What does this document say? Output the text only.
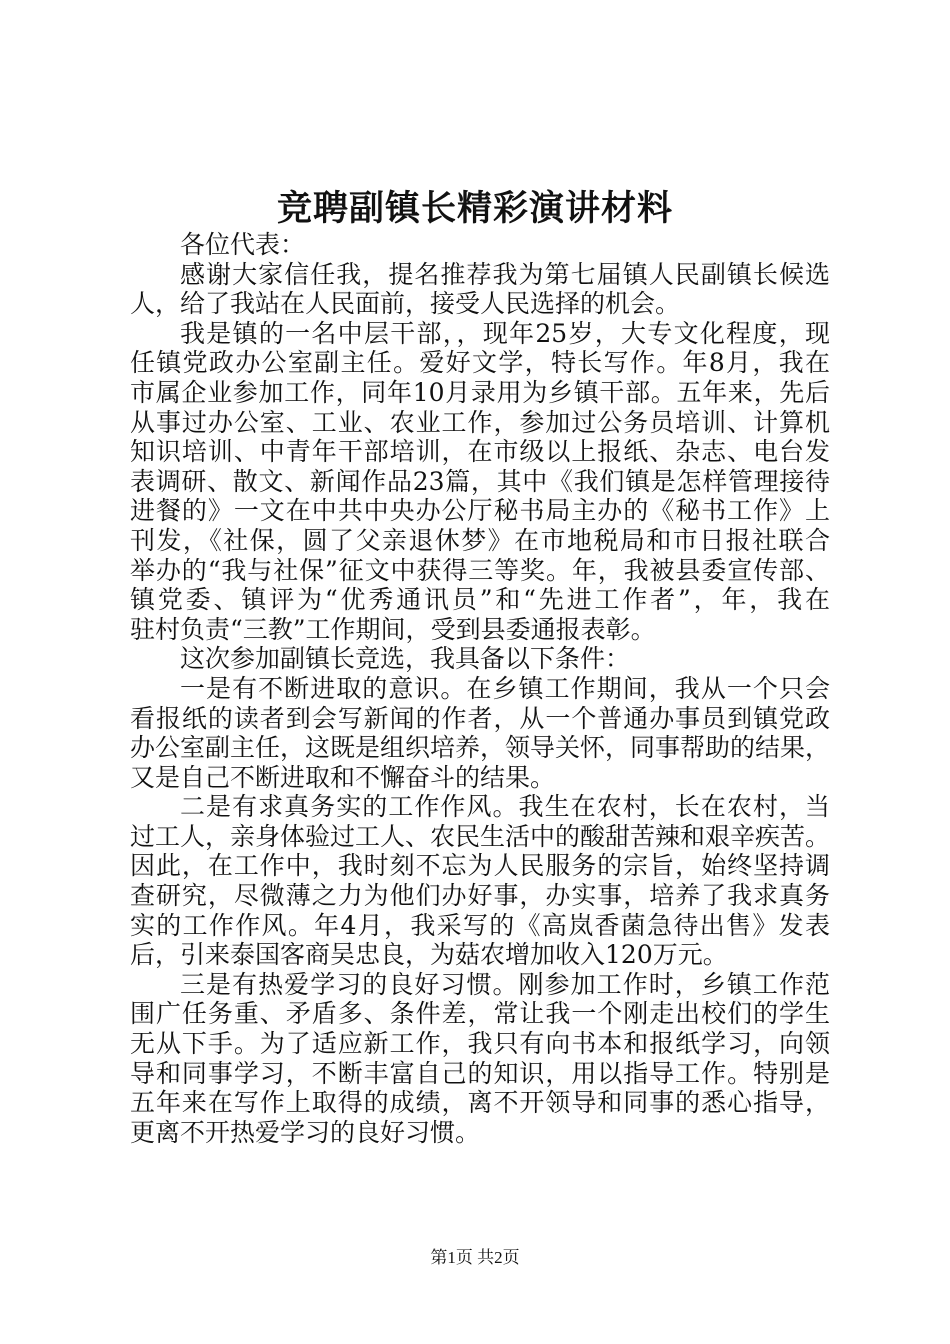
竞聘副镇长精彩演讲材料
各位代表：
感谢大家信任我，提名推荐我为第七届镇人民副镇长候选
人，给了我站在人民面前，接受人民选择的机会。
我是镇的一名中层干部，，现年25岁，大专文化程度，现
任镇党政办公室副主任。爱好文学，特长写作。年8月，我在
市属企业参加工作，同年10月录用为乡镇干部。五年来，先后
从事过办公室、工业、农业工作，参加过公务员培训、计算机
知识培训、中青年干部培训，在市级以上报纸、杂志、电台发
表调研、散文、新闻作品23篇，其中《我们镇是怎样管理接待
进餐的》一文在中共中央办公厅秘书局主办的《秘书工作》上
刊发，《社保，圆了父亲退休梦》在市地税局和市日报社联合
举办的“我与社保”征文中获得三等奖。年，我被县委宣传部、
镇党委、镇评为“优秀通讯员”和“先进工作者”，年，我在
驻村负责“三教”工作期间，受到县委通报表彰。
这次参加副镇长竞选，我具备以下条件：
一是有不断进取的意识。在乡镇工作期间，我从一个只会
看报纸的读者到会写新闻的作者，从一个普通办事员到镇党政
办公室副主任，这既是组织培养，领导关怀，同事帮助的结果，
又是自己不断进取和不懈奋斗的结果。
二是有求真务实的工作作风。我生在农村，长在农村，当
过工人，亲身体验过工人、农民生活中的酸甜苦辣和艰辛疾苦。
因此，在工作中，我时刻不忘为人民服务的宗旨，始终坚持调
查研究，尽微薄之力为他们办好事，办实事，培养了我求真务
实的工作作风。年4月，我采写的《高岚香菌急待出售》发表
后，引来泰国客商吴忠良，为菇农增加收入120万元。
三是有热爱学习的良好习惯。刚参加工作时，乡镇工作范
围广任务重、矛盾多、条件差，常让我一个刚走出校们的学生
无从下手。为了适应新工作，我只有向书本和报纸学习，向领
导和同事学习，不断丰富自己的知识，用以指导工作。特别是
五年来在写作上取得的成绩，离不开领导和同事的悉心指导，
更离不开热爱学习的良好习惯。
第1页 共2页
